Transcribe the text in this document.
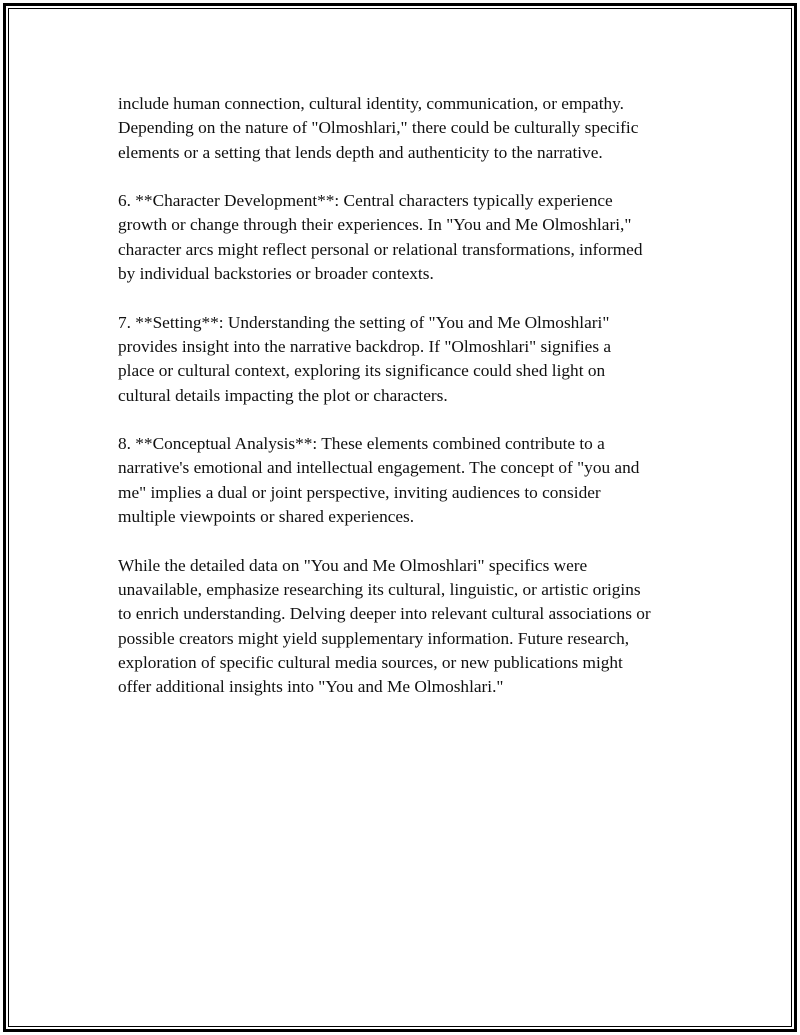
include human connection, cultural identity, communication, or empathy.
Depending on the nature of "Olmoshlari," there could be culturally specific
elements or a setting that lends depth and authenticity to the narrative.

6. **Character Development**: Central characters typically experience
growth or change through their experiences. In "You and Me Olmoshlari,"
character arcs might reflect personal or relational transformations, informed
by individual backstories or broader contexts.

7. **Setting**: Understanding the setting of "You and Me Olmoshlari"
provides insight into the narrative backdrop. If "Olmoshlari" signifies a
place or cultural context, exploring its significance could shed light on
cultural details impacting the plot or characters.

8. **Conceptual Analysis**: These elements combined contribute to a
narrative's emotional and intellectual engagement. The concept of "you and
me" implies a dual or joint perspective, inviting audiences to consider
multiple viewpoints or shared experiences.

While the detailed data on "You and Me Olmoshlari" specifics were
unavailable, emphasize researching its cultural, linguistic, or artistic origins
to enrich understanding. Delving deeper into relevant cultural associations or
possible creators might yield supplementary information. Future research,
exploration of specific cultural media sources, or new publications might
offer additional insights into "You and Me Olmoshlari."
